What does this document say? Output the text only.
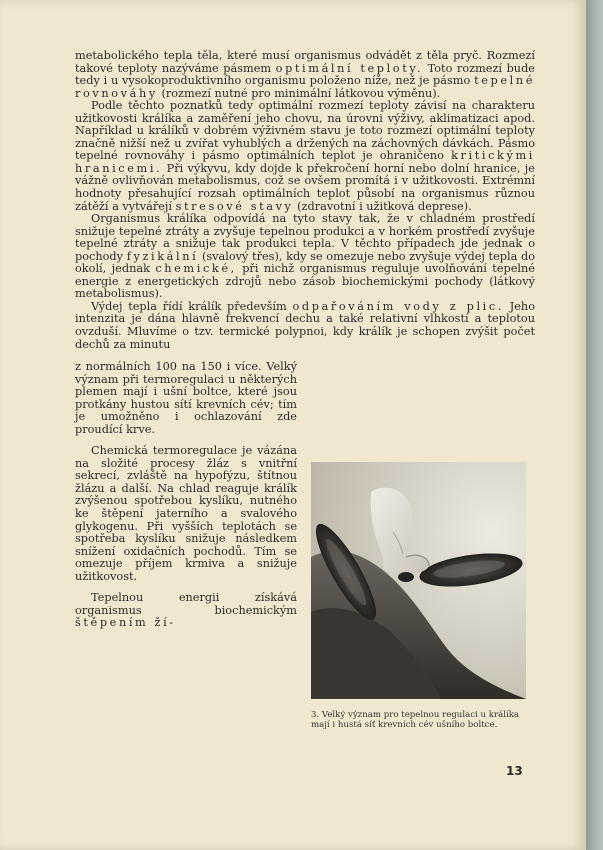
metabolického tepla těla, které musí organismus odvádět z těla pryč. Rozmezí takové teploty nazýváme pásmem optimální teploty. Toto rozmezí bude tedy i u vysokoproduktivního organismu položeno níže, než je pásmo tepelné rovnováhy (rozmezí nutné pro minimální látkovou výměnu).

Podle těchto poznatků tedy optimální rozmezí teploty závisí na charakteru užitkovosti králíka a zaměření jeho chovu, na úrovni výživy, aklimatizaci apod. Například u králíků v dobrém výživném stavu je toto rozmezí optimální teploty značně nižší než u zvířat vyhublých a držených na záchovných dávkách. Pásmo tepelné rovnováhy i pásmo optimálních teplot je ohraničeno kritickými hranicemi. Při výkyvu, kdy dojde k překročení horní nebo dolní hranice, je vážně ovlivňován metabolismus, což se ovšem promítá i v užitkovosti. Extrémní hodnoty přesahující rozsah optimálních teplot působí na organismus různou zátěží a vytvářejí stresové stavy (zdravotní i užitková deprese).

Organismus králíka odpovídá na tyto stavy tak, že v chladném prostředí snižuje tepelné ztráty a zvyšuje tepelnou produkci a v horkém prostředí zvyšuje tepelné ztráty a snižuje tak produkci tepla. V těchto případech jde jednak o pochody fyzikální (svalový třes), kdy se omezuje nebo zvyšuje výdej tepla do okolí, jednak chemické, při nichž organismus reguluje uvolňování tepelné energie z energetických zdrojů nebo zásob biochemickými pochody (látkový metabolismus).

Výdej tepla řídí králík především odpařováním vody z plic. Jeho intenzita je dána hlavně frekvencí dechu a také relativní vlhkostí a teplotou ovzduší. Mluvíme o tzv. termické polypnoi, kdy králík je schopen zvýšit počet dechů za minutu

z normálních 100 na 150 i více. Velký význam při termoregulaci u některých plemen mají i ušní boltce, které jsou protkány hustou sítí krevních cév; tím je umožněno i ochlazování zde proudící krve.

Chemická termoregulace je vázána na složité procesy žláz s vnitřní sekrecí, zvláště na hypofýzu, štítnou žlázu a další. Na chlad reaguje králík zvýšenou spotřebou kyslíku, nutného ke štěpení jaterního a svalového glykogenu. Při vyšších teplotách se spotřeba kyslíku snižuje následkem snížení oxidačních pochodů. Tím se omezuje příjem krmiva a snižuje užitkovost.

Tepelnou energii získává organismus biochemickým štěpením ží-

3. Velký význam pro tepelnou regulaci u králíka mají i hustá síť krevních cév ušního boltce.
13
